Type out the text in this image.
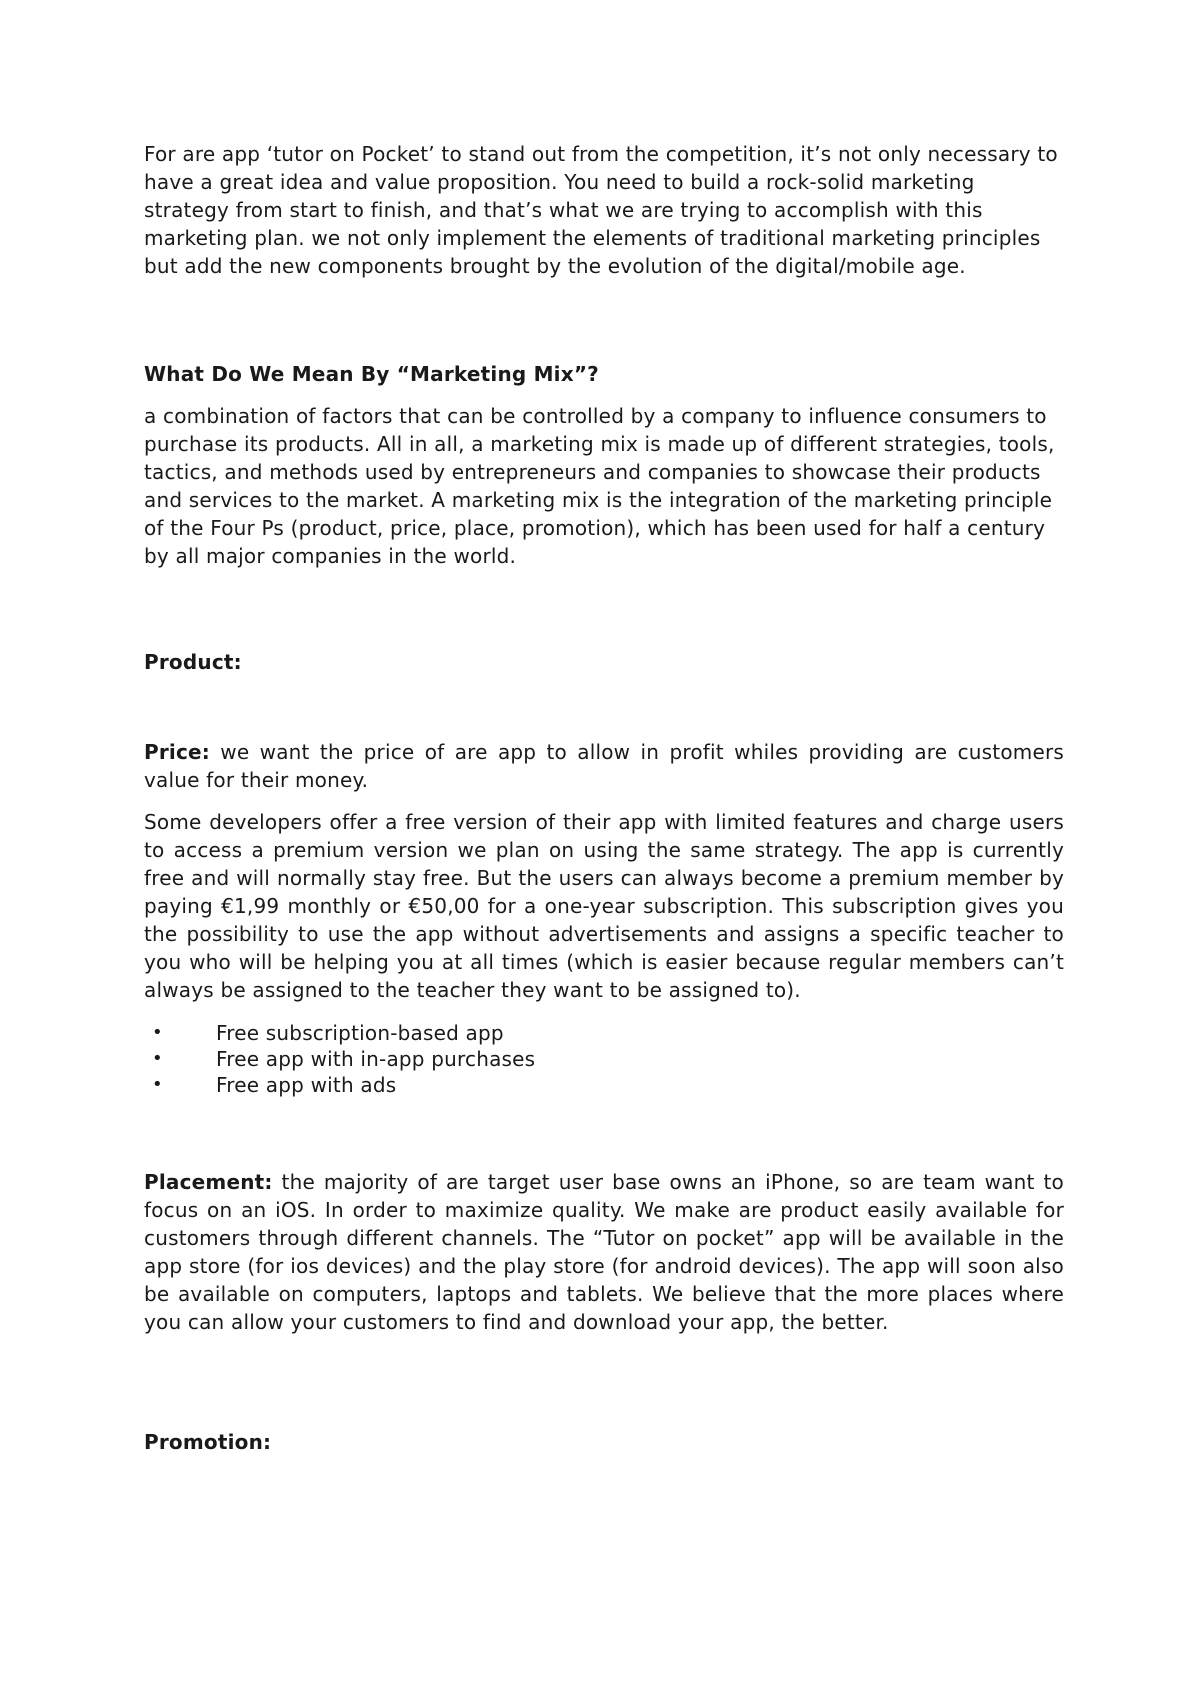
For are app ‘tutor on Pocket’ to stand out from the competition, it’s not only necessary to have a great idea and value proposition. You need to build a rock-solid marketing strategy from start to finish, and that’s what we are trying to accomplish with this marketing plan. we not only implement the elements of traditional marketing principles but add the new components brought by the evolution of the digital/mobile age.

What Do We Mean By “Marketing Mix”?

a combination of factors that can be controlled by a company to influence consumers to purchase its products. All in all, a marketing mix is made up of different strategies, tools, tactics, and methods used by entrepreneurs and companies to showcase their products and services to the market. A marketing mix is the integration of the marketing principle of the Four Ps (product, price, place, promotion), which has been used for half a century by all major companies in the world.

Product:

Price: we want the price of are app to allow in profit whiles providing are customers value for their money.

Some developers offer a free version of their app with limited features and charge users to access a premium version we plan on using the same strategy. The app is currently free and will normally stay free. But the users can always become a premium member by paying €1,99 monthly or €50,00 for a one-year subscription. This subscription gives you the possibility to use the app without advertisements and assigns a specific teacher to you who will be helping you at all times (which is easier because regular members can’t always be assigned to the teacher they want to be assigned to).

•	Free subscription-based app
•	Free app with in-app purchases
•	Free app with ads

Placement: the majority of are target user base owns an iPhone, so are team want to focus on an iOS. In order to maximize quality. We make are product easily available for customers through different channels. The “Tutor on pocket” app will be available in the app store (for ios devices) and the play store (for android devices). The app will soon also be available on computers, laptops and tablets. We believe that the more places where you can allow your customers to find and download your app, the better.

Promotion:
